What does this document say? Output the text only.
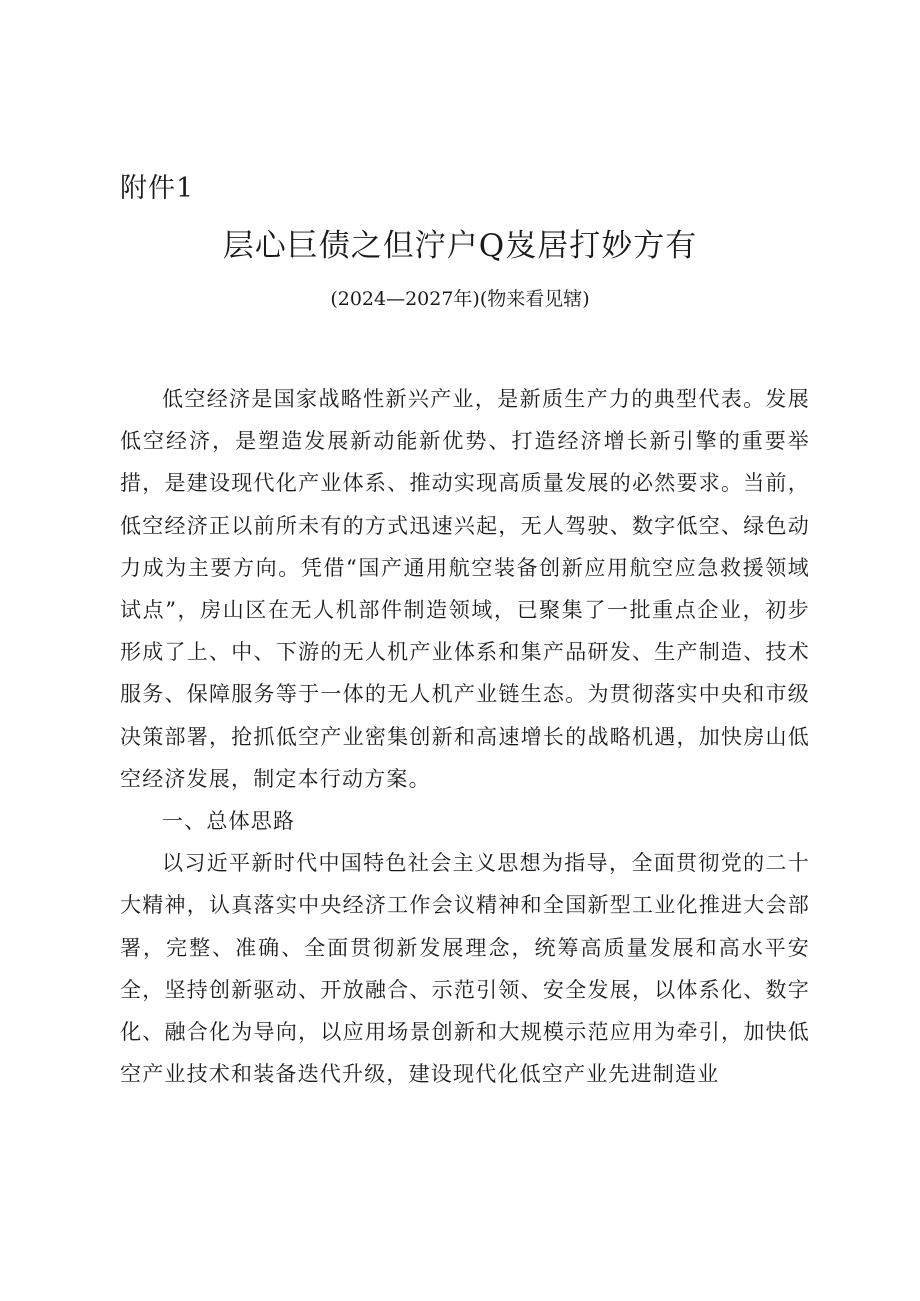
附件1
层心巨债之但泞户Q岌居打妙方有
(2024—2027年)(物来看见辖)

低空经济是国家战略性新兴产业，是新质生产力的典型代表。发展低空经济，是塑造发展新动能新优势、打造经济增长新引擎的重要举措，是建设现代化产业体系、推动实现高质量发展的必然要求。当前，低空经济正以前所未有的方式迅速兴起，无人驾驶、数字低空、绿色动力成为主要方向。凭借“国产通用航空装备创新应用航空应急救援领域试点”，房山区在无人机部件制造领域，已聚集了一批重点企业，初步形成了上、中、下游的无人机产业体系和集产品研发、生产制造、技术服务、保障服务等于一体的无人机产业链生态。为贯彻落实中央和市级决策部署，抢抓低空产业密集创新和高速增长的战略机遇，加快房山低空经济发展，制定本行动方案。

一、总体思路

以习近平新时代中国特色社会主义思想为指导，全面贯彻党的二十大精神，认真落实中央经济工作会议精神和全国新型工业化推进大会部署，完整、准确、全面贯彻新发展理念，统筹高质量发展和高水平安全，坚持创新驱动、开放融合、示范引领、安全发展，以体系化、数字化、融合化为导向，以应用场景创新和大规模示范应用为牵引，加快低空产业技术和装备迭代升级，建设现代化低空产业先进制造业
